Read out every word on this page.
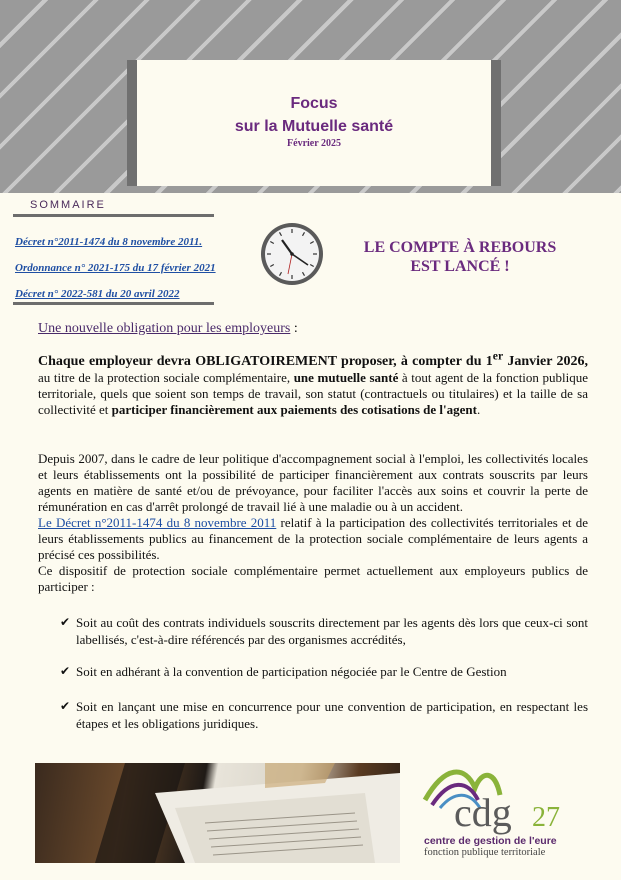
Focus
sur la Mutuelle santé
Février 2025
SOMMAIRE
Décret n°2011-1474 du 8 novembre 2011.
Ordonnance n° 2021-175 du 17 février 2021
Décret n° 2022-581 du 20 avril 2022
LE COMPTE À REBOURS
EST LANCÉ !
Une nouvelle obligation pour les employeurs :
Chaque employeur devra OBLIGATOIREMENT proposer, à compter du 1er Janvier 2026, au titre de la protection sociale complémentaire, une mutuelle santé à tout agent de la fonction publique territoriale, quels que soient son temps de travail, son statut (contractuels ou titulaires) et la taille de sa collectivité et participer financièrement aux paiements des cotisations de l'agent.
Depuis 2007, dans le cadre de leur politique d'accompagnement social à l'emploi, les collectivités locales et leurs établissements ont la possibilité de participer financièrement aux contrats souscrits par leurs agents en matière de santé et/ou de prévoyance, pour faciliter l'accès aux soins et couvrir la perte de rémunération en cas d'arrêt prolongé de travail lié à une maladie ou à un accident.
Le Décret n°2011-1474 du 8 novembre 2011 relatif à la participation des collectivités territoriales et de leurs établissements publics au financement de la protection sociale complémentaire de leurs agents a précisé ces possibilités.
Ce dispositif de protection sociale complémentaire permet actuellement aux employeurs publics de participer :
✔ Soit au coût des contrats individuels souscrits directement par les agents dès lors que ceux-ci sont labellisés, c'est-à-dire référencés par des organismes accrédités,
✔ Soit en adhérant à la convention de participation négociée par le Centre de Gestion
✔ Soit en lançant une mise en concurrence pour une convention de participation, en respectant les étapes et les obligations juridiques.
cdg 27
centre de gestion de l'eure
fonction publique territoriale
